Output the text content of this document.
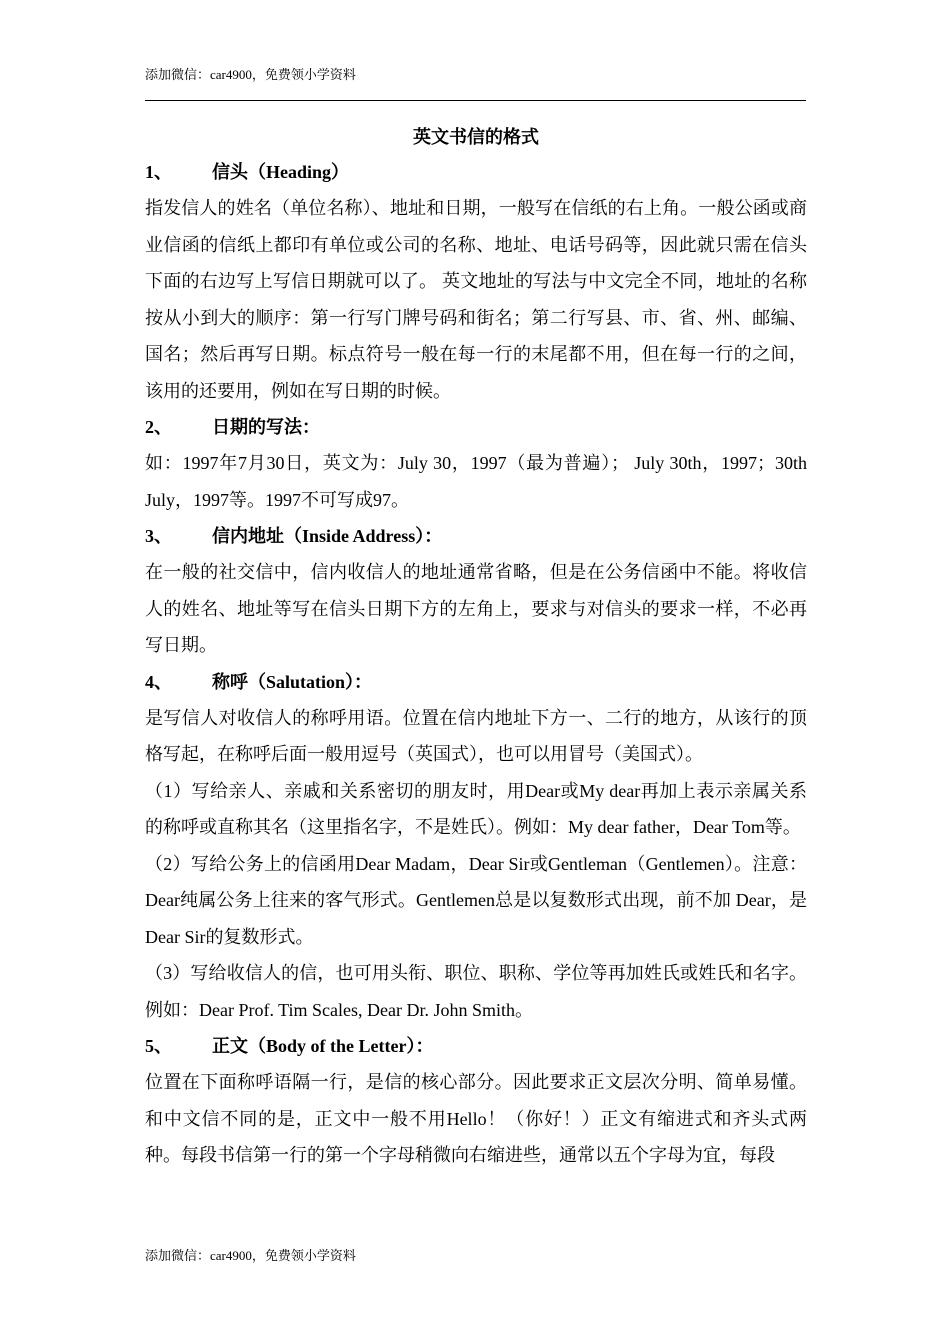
添加微信：car4900，免费领小学资料
英文书信的格式
1、 信头（Heading）

指发信人的姓名（单位名称）、地址和日期，一般写在信纸的右上角。一般公函或商业信函的信纸上都印有单位或公司的名称、地址、电话号码等，因此就只需在信头下面的右边写上写信日期就可以了。 英文地址的写法与中文完全不同，地址的名称按从小到大的顺序：第一行写门牌号码和街名；第二行写县、市、省、州、邮编、国名；然后再写日期。标点符号一般在每一行的末尾都不用，但在每一行的之间，该用的还要用，例如在写日期的时候。

2、 日期的写法：

如：1997年7月30日，英文为：July 30，1997（最为普遍）； July 30th，1997；30th July，1997等。1997不可写成97。

3、 信内地址（Inside Address）：

在一般的社交信中，信内收信人的地址通常省略，但是在公务信函中不能。将收信人的姓名、地址等写在信头日期下方的左角上，要求与对信头的要求一样，不必再写日期。

4、 称呼（Salutation）：

是写信人对收信人的称呼用语。位置在信内地址下方一、二行的地方，从该行的顶格写起，在称呼后面一般用逗号（英国式），也可以用冒号（美国式）。

（1）写给亲人、亲戚和关系密切的朋友时，用Dear或My dear再加上表示亲属关系的称呼或直称其名（这里指名字，不是姓氏）。例如：My dear father，Dear Tom等。

（2）写给公务上的信函用Dear Madam，Dear Sir或Gentleman（Gentlemen）。注意：Dear纯属公务上往来的客气形式。Gentlemen总是以复数形式出现，前不加 Dear，是Dear Sir的复数形式。

（3）写给收信人的信，也可用头衔、职位、职称、学位等再加姓氏或姓氏和名字。例如：Dear Prof. Tim Scales, Dear Dr. John Smith。

5、 正文（Body of the Letter）：

位置在下面称呼语隔一行，是信的核心部分。因此要求正文层次分明、简单易懂。和中文信不同的是，正文中一般不用Hello！（你好！）正文有缩进式和齐头式两种。每段书信第一行的第一个字母稍微向右缩进些，通常以五个字母为宜，每段

添加微信：car4900，免费领小学资料
